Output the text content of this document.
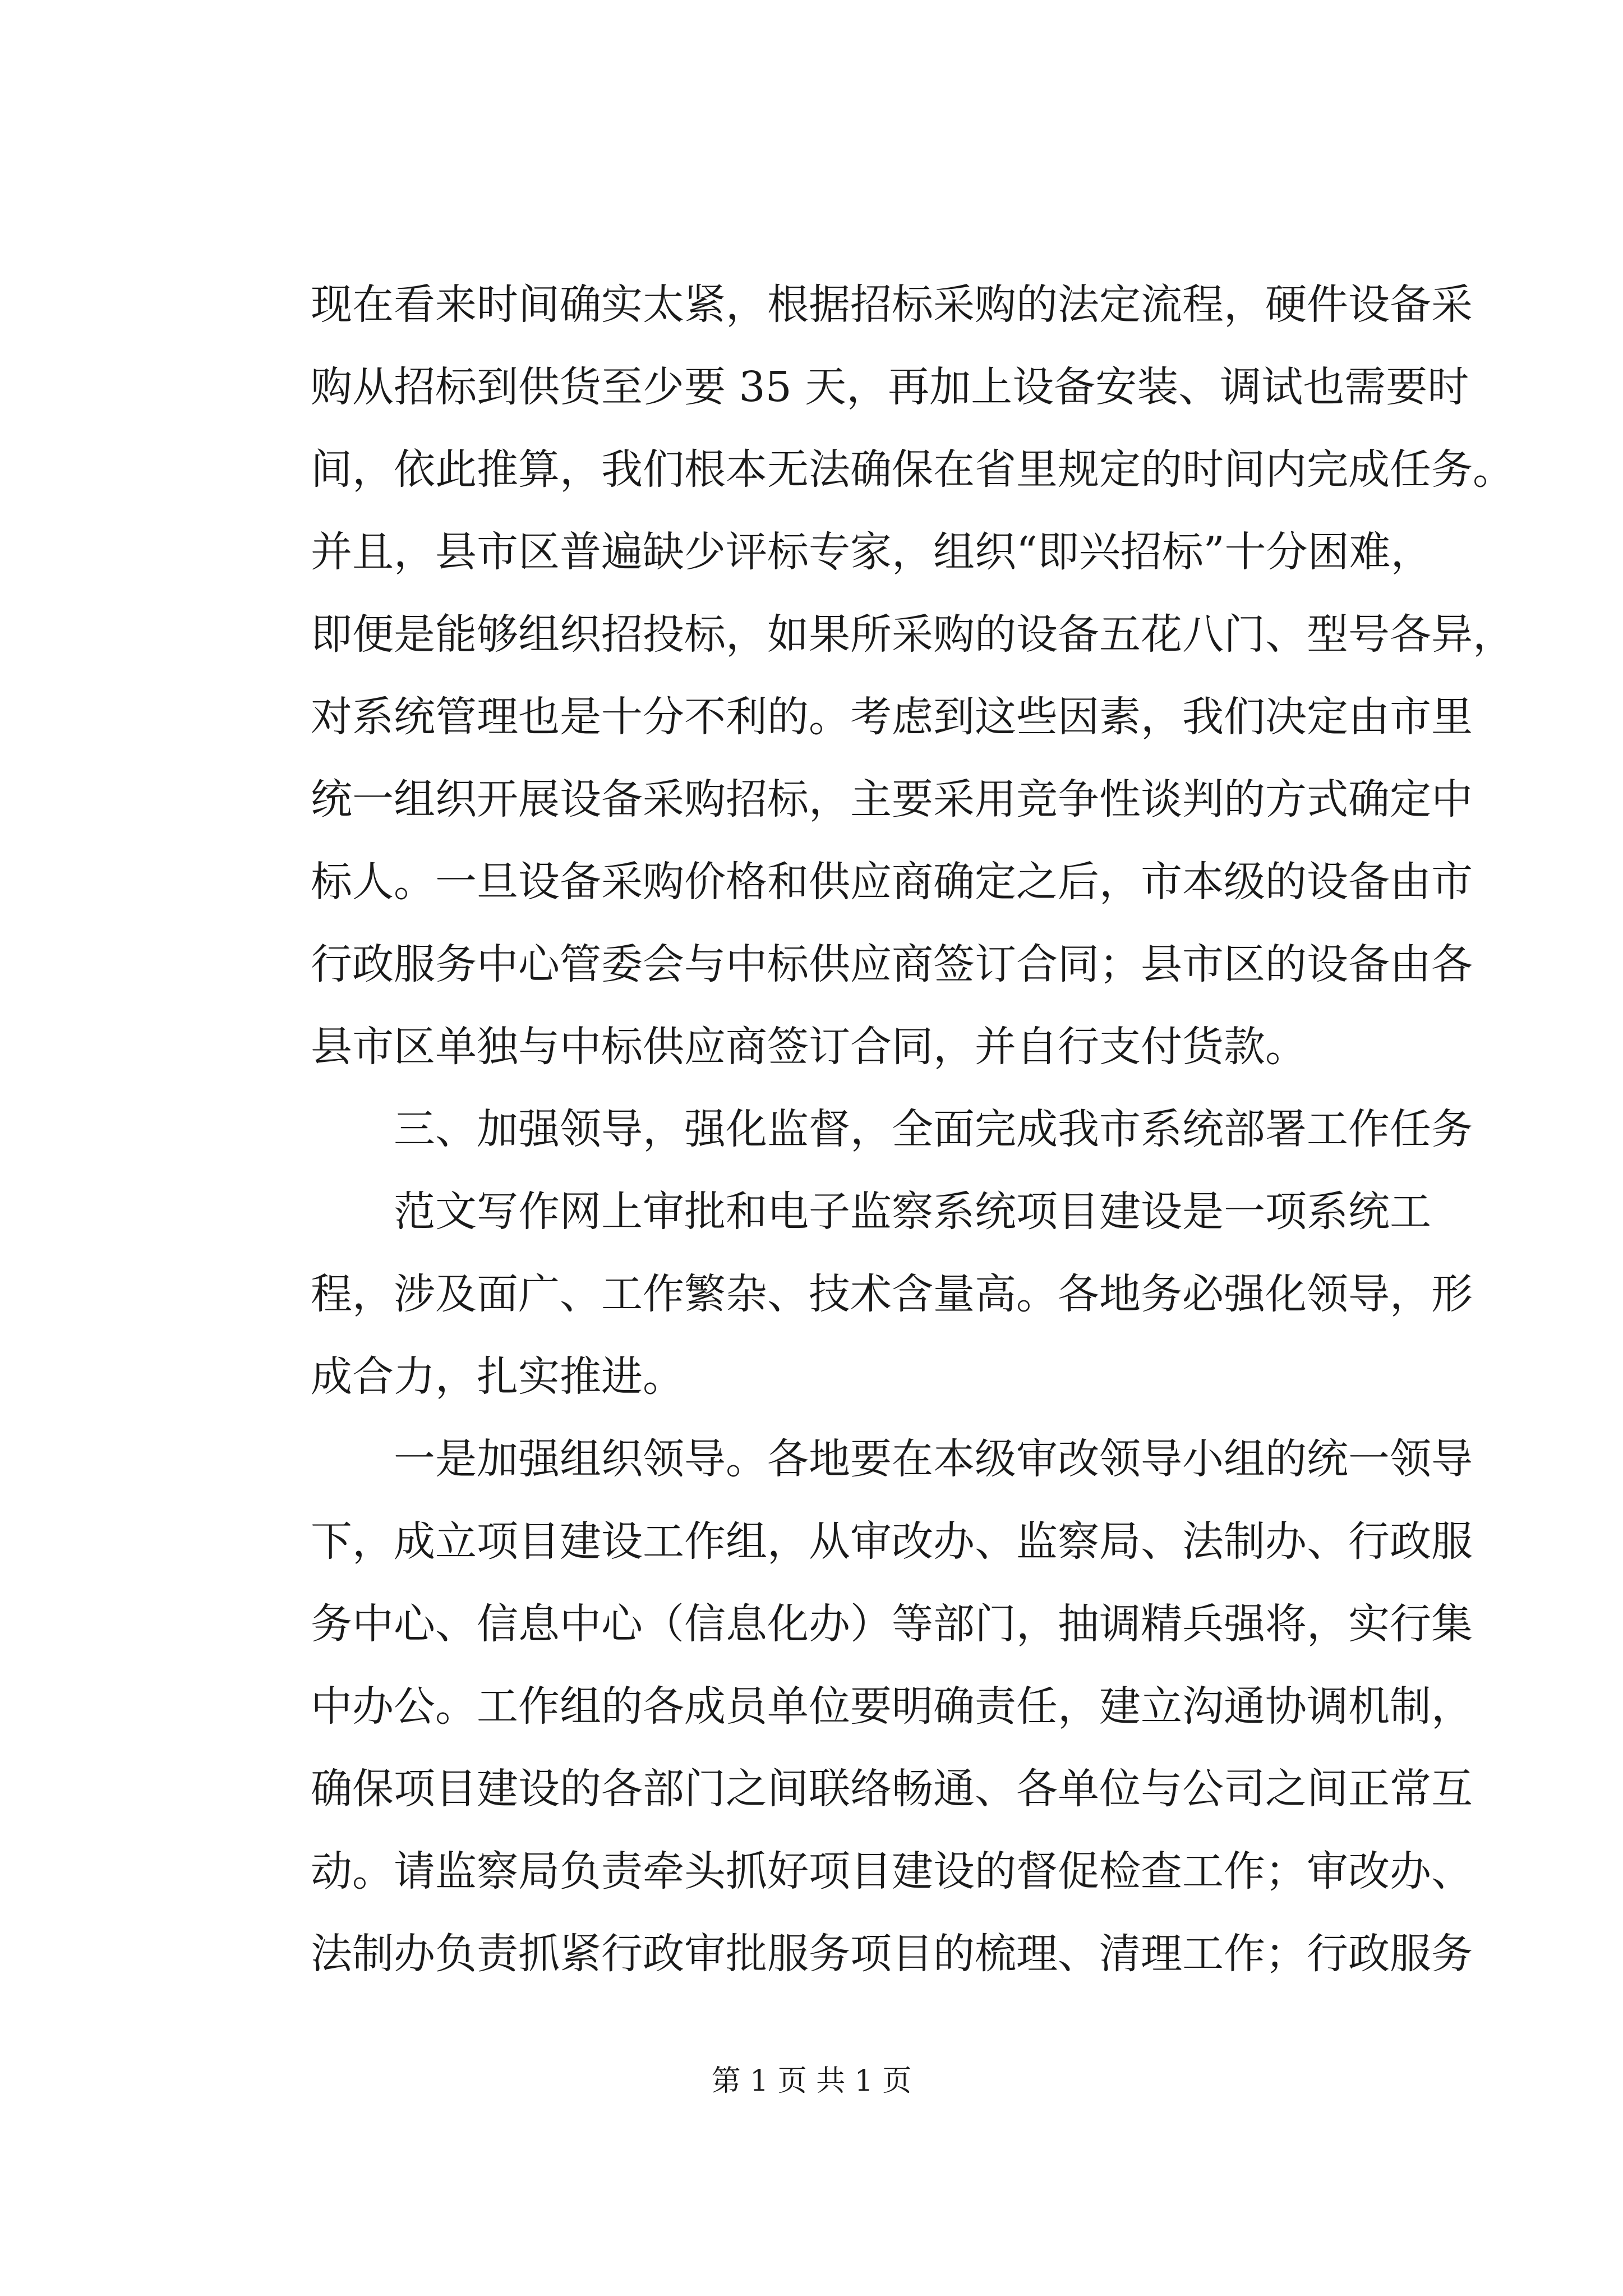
现在看来时间确实太紧，根据招标采购的法定流程，硬件设备采
购从招标到供货至少要 35 天，再加上设备安装、调试也需要时
间，依此推算，我们根本无法确保在省里规定的时间内完成任务。
并且，县市区普遍缺少评标专家，组织“即兴招标”十分困难，
即便是能够组织招投标，如果所采购的设备五花八门、型号各异，
对系统管理也是十分不利的。考虑到这些因素，我们决定由市里
统一组织开展设备采购招标，主要采用竞争性谈判的方式确定中
标人。一旦设备采购价格和供应商确定之后，市本级的设备由市
行政服务中心管委会与中标供应商签订合同；县市区的设备由各
县市区单独与中标供应商签订合同，并自行支付货款。
三、加强领导，强化监督，全面完成我市系统部署工作任务
范文写作网上审批和电子监察系统项目建设是一项系统工
程，涉及面广、工作繁杂、技术含量高。各地务必强化领导，形
成合力，扎实推进。
一是加强组织领导。各地要在本级审改领导小组的统一领导
下，成立项目建设工作组，从审改办、监察局、法制办、行政服
务中心、信息中心（信息化办）等部门，抽调精兵强将，实行集
中办公。工作组的各成员单位要明确责任，建立沟通协调机制，
确保项目建设的各部门之间联络畅通、各单位与公司之间正常互
动。请监察局负责牵头抓好项目建设的督促检查工作；审改办、
法制办负责抓紧行政审批服务项目的梳理、清理工作；行政服务
第 1 页 共 1 页
